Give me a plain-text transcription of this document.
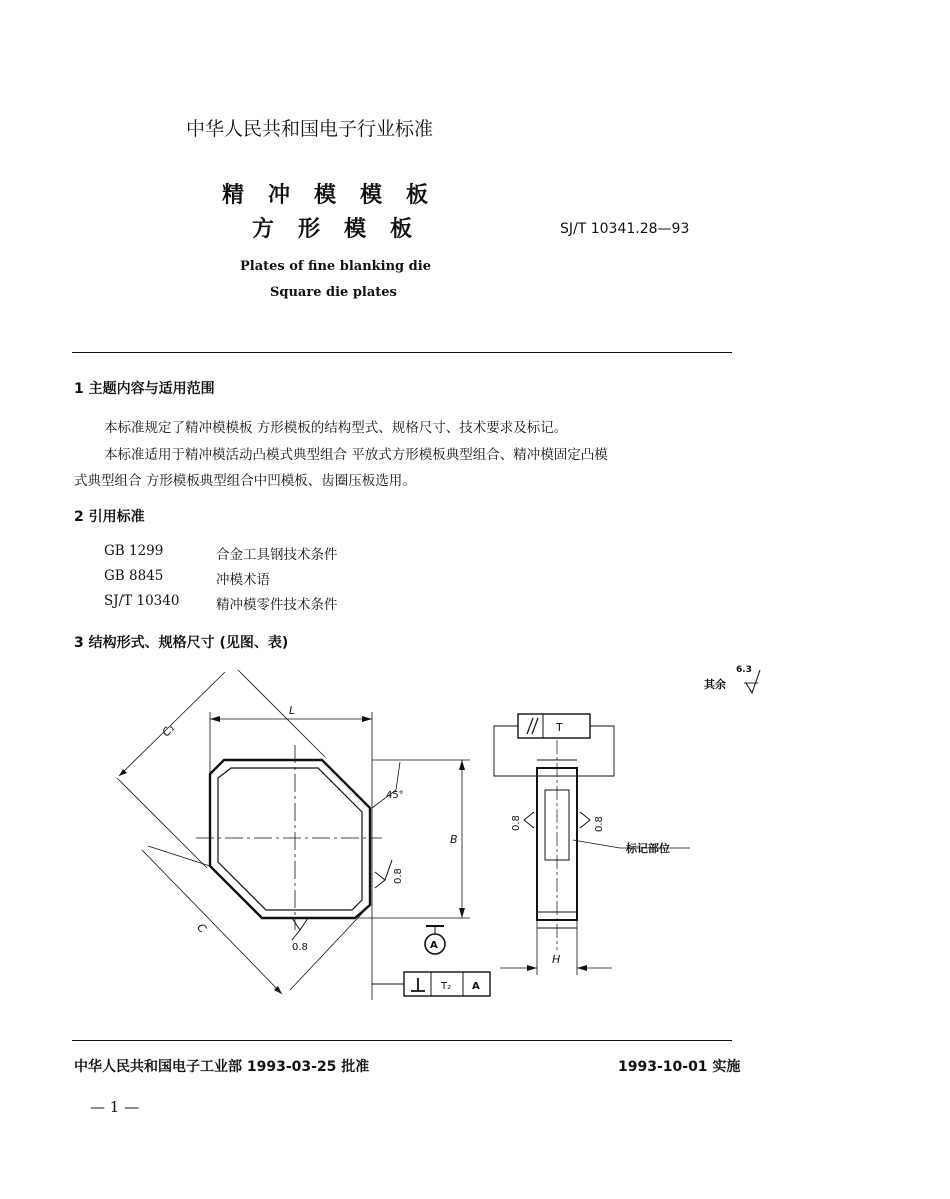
中华人民共和国电子行业标准
精冲模模板
方形模板	SJ/T 10341.28—93
Plates of fine blanking die
Square die plates
1 主题内容与适用范围
本标准规定了精冲模模板 方形模板的结构型式、规格尺寸、技术要求及标记。
本标准适用于精冲模活动凸模式典型组合 平放式方形模板典型组合、精冲模固定凸模
式典型组合 方形模板典型组合中凹模板、齿圈压板选用。
2 引用标准
GB 1299	合金工具钢技术条件
GB 8845	冲模术语
SJ/T 10340	精冲模零件技术条件
3 结构形式、规格尺寸 (见图、表)
L
B
C₁
C
H
45°
0.8
0.8
0.8	0.8
A
T
T₂ A
标记部位
其余
6.3
中华人民共和国电子工业部 1993-03-25 批准	1993-10-01 实施
— 1 —
